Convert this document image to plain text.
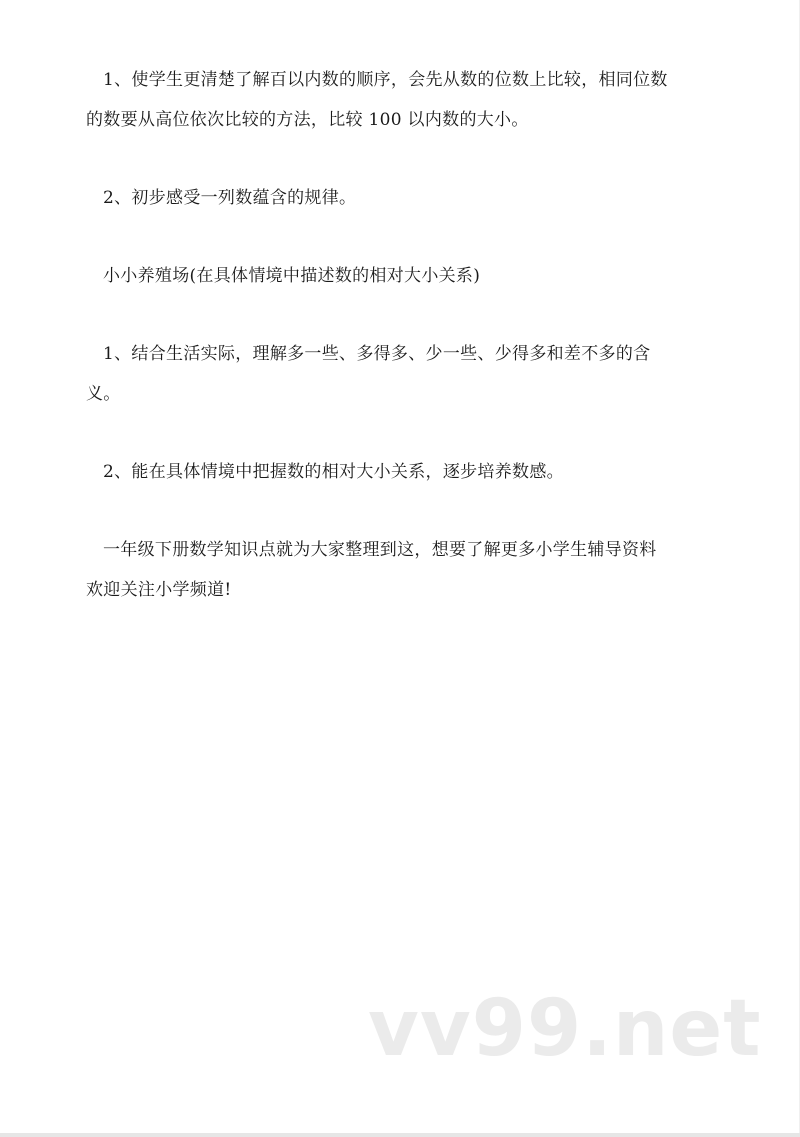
1、使学生更清楚了解百以内数的顺序，会先从数的位数上比较，相同位数
的数要从高位依次比较的方法，比较 100 以内数的大小。

2、初步感受一列数蕴含的规律。

小小养殖场(在具体情境中描述数的相对大小关系)

1、结合生活实际，理解多一些、多得多、少一些、少得多和差不多的含
义。

2、能在具体情境中把握数的相对大小关系，逐步培养数感。

一年级下册数学知识点就为大家整理到这，想要了解更多小学生辅导资料
欢迎关注小学频道!

vv99.net
